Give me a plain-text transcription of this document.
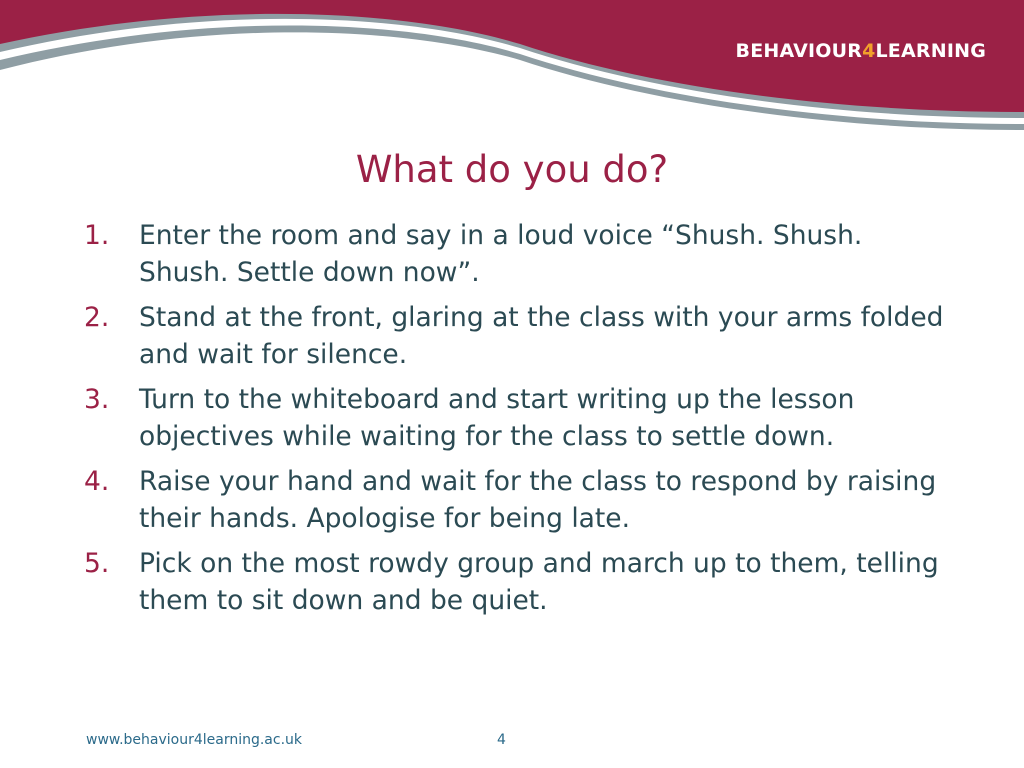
BEHAVIOUR4LEARNING
What do you do?
1.	Enter the room and say in a loud voice “Shush. Shush. Shush. Settle down now”.
2.	Stand at the front, glaring at the class with your arms folded and wait for silence.
3.	Turn to the whiteboard and start writing up the lesson objectives while waiting for the class to settle down.
4.	Raise your hand and wait for the class to respond by raising their hands. Apologise for being late.
5.	Pick on the most rowdy group and march up to them, telling them to sit down and be quiet.
www.behaviour4learning.ac.uk	4
